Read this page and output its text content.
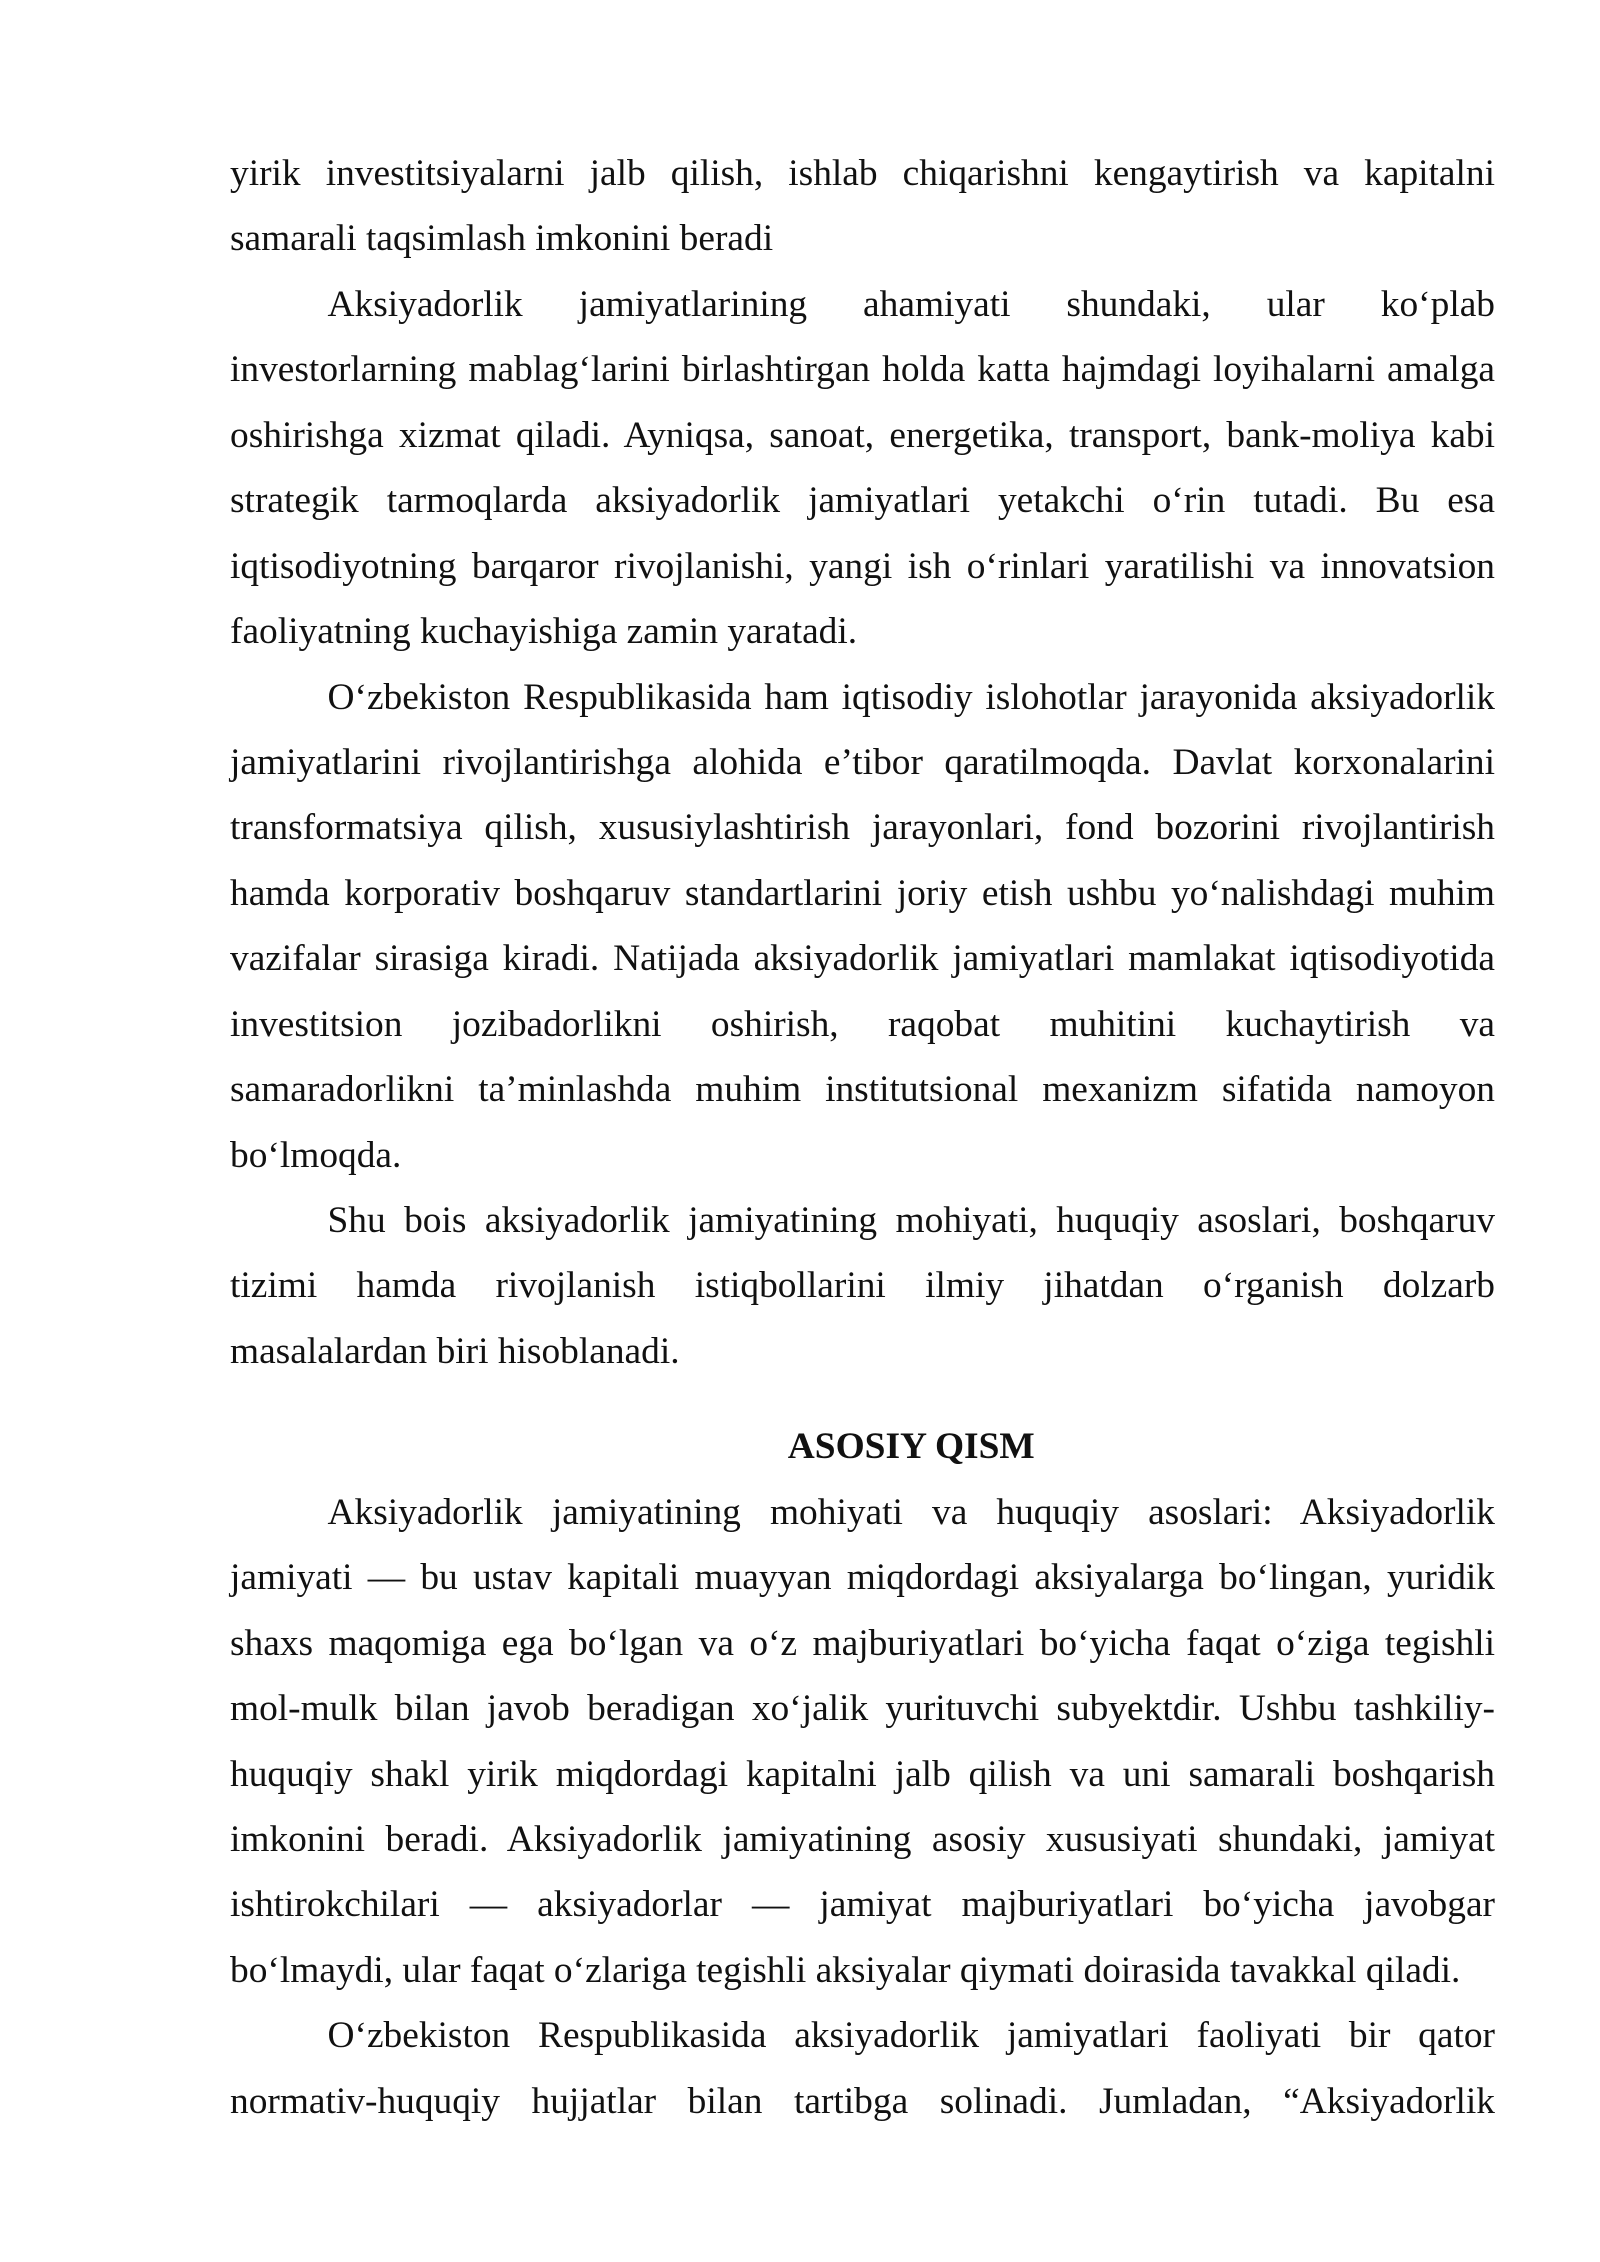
yirik investitsiyalarni jalb qilish, ishlab chiqarishni kengaytirish va kapitalni
samarali taqsimlash imkonini beradi
Aksiyadorlik jamiyatlarining ahamiyati shundaki, ular ko‘plab
investorlarning mablag‘larini birlashtirgan holda katta hajmdagi loyihalarni amalga
oshirishga xizmat qiladi. Ayniqsa, sanoat, energetika, transport, bank-moliya kabi
strategik tarmoqlarda aksiyadorlik jamiyatlari yetakchi o‘rin tutadi. Bu esa
iqtisodiyotning barqaror rivojlanishi, yangi ish o‘rinlari yaratilishi va innovatsion
faoliyatning kuchayishiga zamin yaratadi.
O‘zbekiston Respublikasida ham iqtisodiy islohotlar jarayonida aksiyadorlik
jamiyatlarini rivojlantirishga alohida e’tibor qaratilmoqda. Davlat korxonalarini
transformatsiya qilish, xususiylashtirish jarayonlari, fond bozorini rivojlantirish
hamda korporativ boshqaruv standartlarini joriy etish ushbu yo‘nalishdagi muhim
vazifalar sirasiga kiradi. Natijada aksiyadorlik jamiyatlari mamlakat iqtisodiyotida
investitsion jozibadorlikni oshirish, raqobat muhitini kuchaytirish va
samaradorlikni ta’minlashda muhim institutsional mexanizm sifatida namoyon
bo‘lmoqda.
Shu bois aksiyadorlik jamiyatining mohiyati, huquqiy asoslari, boshqaruv
tizimi hamda rivojlanish istiqbollarini ilmiy jihatdan o‘rganish dolzarb
masalalardan biri hisoblanadi.
ASOSIY QISM
Aksiyadorlik jamiyatining mohiyati va huquqiy asoslari: Aksiyadorlik
jamiyati — bu ustav kapitali muayyan miqdordagi aksiyalarga bo‘lingan, yuridik
shaxs maqomiga ega bo‘lgan va o‘z majburiyatlari bo‘yicha faqat o‘ziga tegishli
mol-mulk bilan javob beradigan xo‘jalik yurituvchi subyektdir. Ushbu tashkiliy-
huquqiy shakl yirik miqdordagi kapitalni jalb qilish va uni samarali boshqarish
imkonini beradi. Aksiyadorlik jamiyatining asosiy xususiyati shundaki, jamiyat
ishtirokchilari — aksiyadorlar — jamiyat majburiyatlari bo‘yicha javobgar
bo‘lmaydi, ular faqat o‘zlariga tegishli aksiyalar qiymati doirasida tavakkal qiladi.
O‘zbekiston Respublikasida aksiyadorlik jamiyatlari faoliyati bir qator
normativ-huquqiy hujjatlar bilan tartibga solinadi. Jumladan, “Aksiyadorlik
